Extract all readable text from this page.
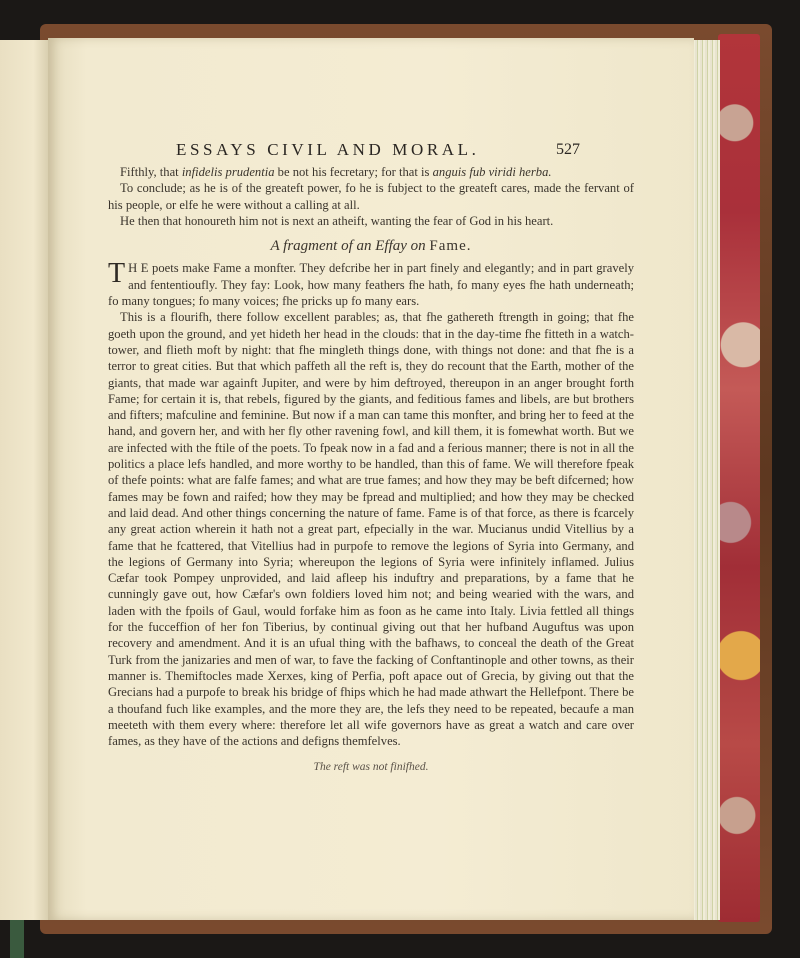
ESSAYS CIVIL AND MORAL.	527

Fifthly, that infidelis prudentia be not his fecretary; for that is anguis fub viridi herba.

To conclude; as he is of the greateft power, fo he is fubject to the greateft cares, made the fervant of his people, or elfe he were without a calling at all.

He then that honoureth him not is next an atheift, wanting the fear of God in his heart.

A fragment of an Effay on Fame.

T H E poets make Fame a monfter. They defcribe her in part finely and elegantly; and in part gravely and fententioufly. They fay: Look, how many feathers fhe hath, fo many eyes fhe hath underneath; fo many tongues; fo many voices; fhe pricks up fo many ears.

This is a flourifh, there follow excellent parables; as, that fhe gathereth ftrength in going; that fhe goeth upon the ground, and yet hideth her head in the clouds: that in the day-time fhe fitteth in a watch-tower, and flieth moft by night: that fhe mingleth things done, with things not done: and that fhe is a terror to great cities. But that which paffeth all the reft is, they do recount that the Earth, mother of the giants, that made war againft Jupiter, and were by him deftroyed, thereupon in an anger brought forth Fame; for certain it is, that rebels, figured by the giants, and feditious fames and libels, are but brothers and fifters; mafculine and feminine. But now if a man can tame this monfter, and bring her to feed at the hand, and govern her, and with her fly other ravening fowl, and kill them, it is fomewhat worth. But we are infected with the ftile of the poets. To fpeak now in a fad and a ferious manner; there is not in all the politics a place lefs handled, and more worthy to be handled, than this of fame. We will therefore fpeak of thefe points: what are falfe fames; and what are true fames; and how they may be beft difcerned; how fames may be fown and raifed; how they may be fpread and multiplied; and how they may be checked and laid dead. And other things concerning the nature of fame. Fame is of that force, as there is fcarcely any great action wherein it hath not a great part, efpecially in the war. Mucianus undid Vitellius by a fame that he fcattered, that Vitellius had in purpofe to remove the legions of Syria into Germany, and the legions of Germany into Syria; whereupon the legions of Syria were infinitely inflamed. Julius Cæfar took Pompey unprovided, and laid afleep his induftry and preparations, by a fame that he cunningly gave out, how Cæfar's own foldiers loved him not; and being wearied with the wars, and laden with the fpoils of Gaul, would forfake him as foon as he came into Italy. Livia fettled all things for the fucceffion of her fon Tiberius, by continual giving out that her hufband Auguftus was upon recovery and amendment. And it is an ufual thing with the bafhaws, to conceal the death of the Great Turk from the janizaries and men of war, to fave the facking of Conftantinople and other towns, as their manner is. Themiftocles made Xerxes, king of Perfia, poft apace out of Grecia, by giving out that the Grecians had a purpofe to break his bridge of fhips which he had made athwart the Hellefpont. There be a thoufand fuch like examples, and the more they are, the lefs they need to be repeated, becaufe a man meeteth with them every where: therefore let all wife governors have as great a watch and care over fames, as they have of the actions and defigns themfelves.

The reft was not finifhed.
